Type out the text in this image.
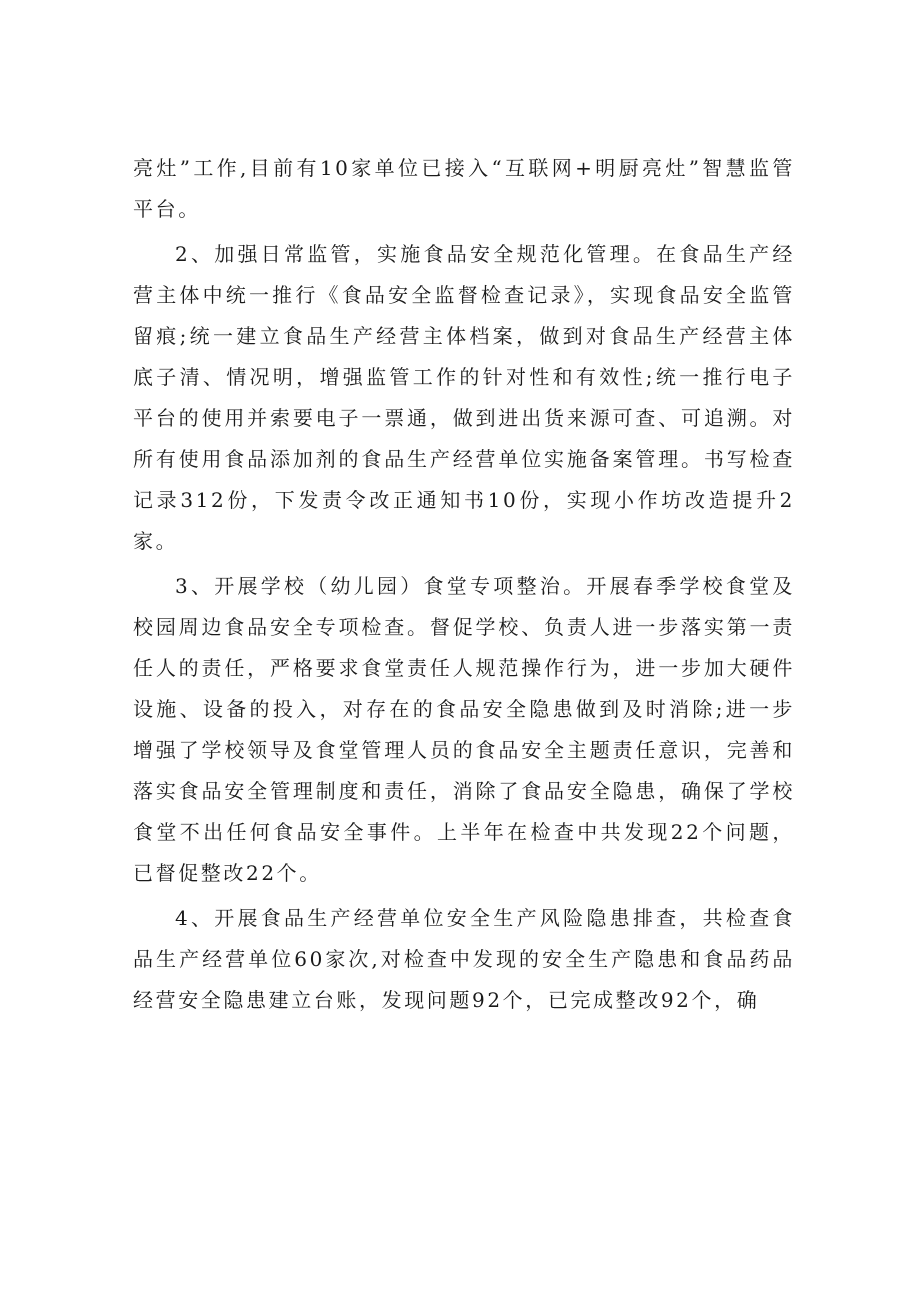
亮灶”工作,目前有10家单位已接入“互联网+明厨亮灶”智慧监管平台。

2、加强日常监管，实施食品安全规范化管理。在食品生产经营主体中统一推行《食品安全监督检查记录》，实现食品安全监管留痕;统一建立食品生产经营主体档案，做到对食品生产经营主体底子清、情况明，增强监管工作的针对性和有效性;统一推行电子平台的使用并索要电子一票通，做到进出货来源可查、可追溯。对所有使用食品添加剂的食品生产经营单位实施备案管理。书写检查记录312份，下发责令改正通知书10份，实现小作坊改造提升2家。

3、开展学校（幼儿园）食堂专项整治。开展春季学校食堂及校园周边食品安全专项检查。督促学校、负责人进一步落实第一责任人的责任，严格要求食堂责任人规范操作行为，进一步加大硬件设施、设备的投入，对存在的食品安全隐患做到及时消除;进一步增强了学校领导及食堂管理人员的食品安全主题责任意识，完善和落实食品安全管理制度和责任，消除了食品安全隐患，确保了学校食堂不出任何食品安全事件。上半年在检查中共发现22个问题，已督促整改22个。

4、开展食品生产经营单位安全生产风险隐患排查，共检查食品生产经营单位60家次,对检查中发现的安全生产隐患和食品药品经营安全隐患建立台账，发现问题92个，已完成整改92个，确
